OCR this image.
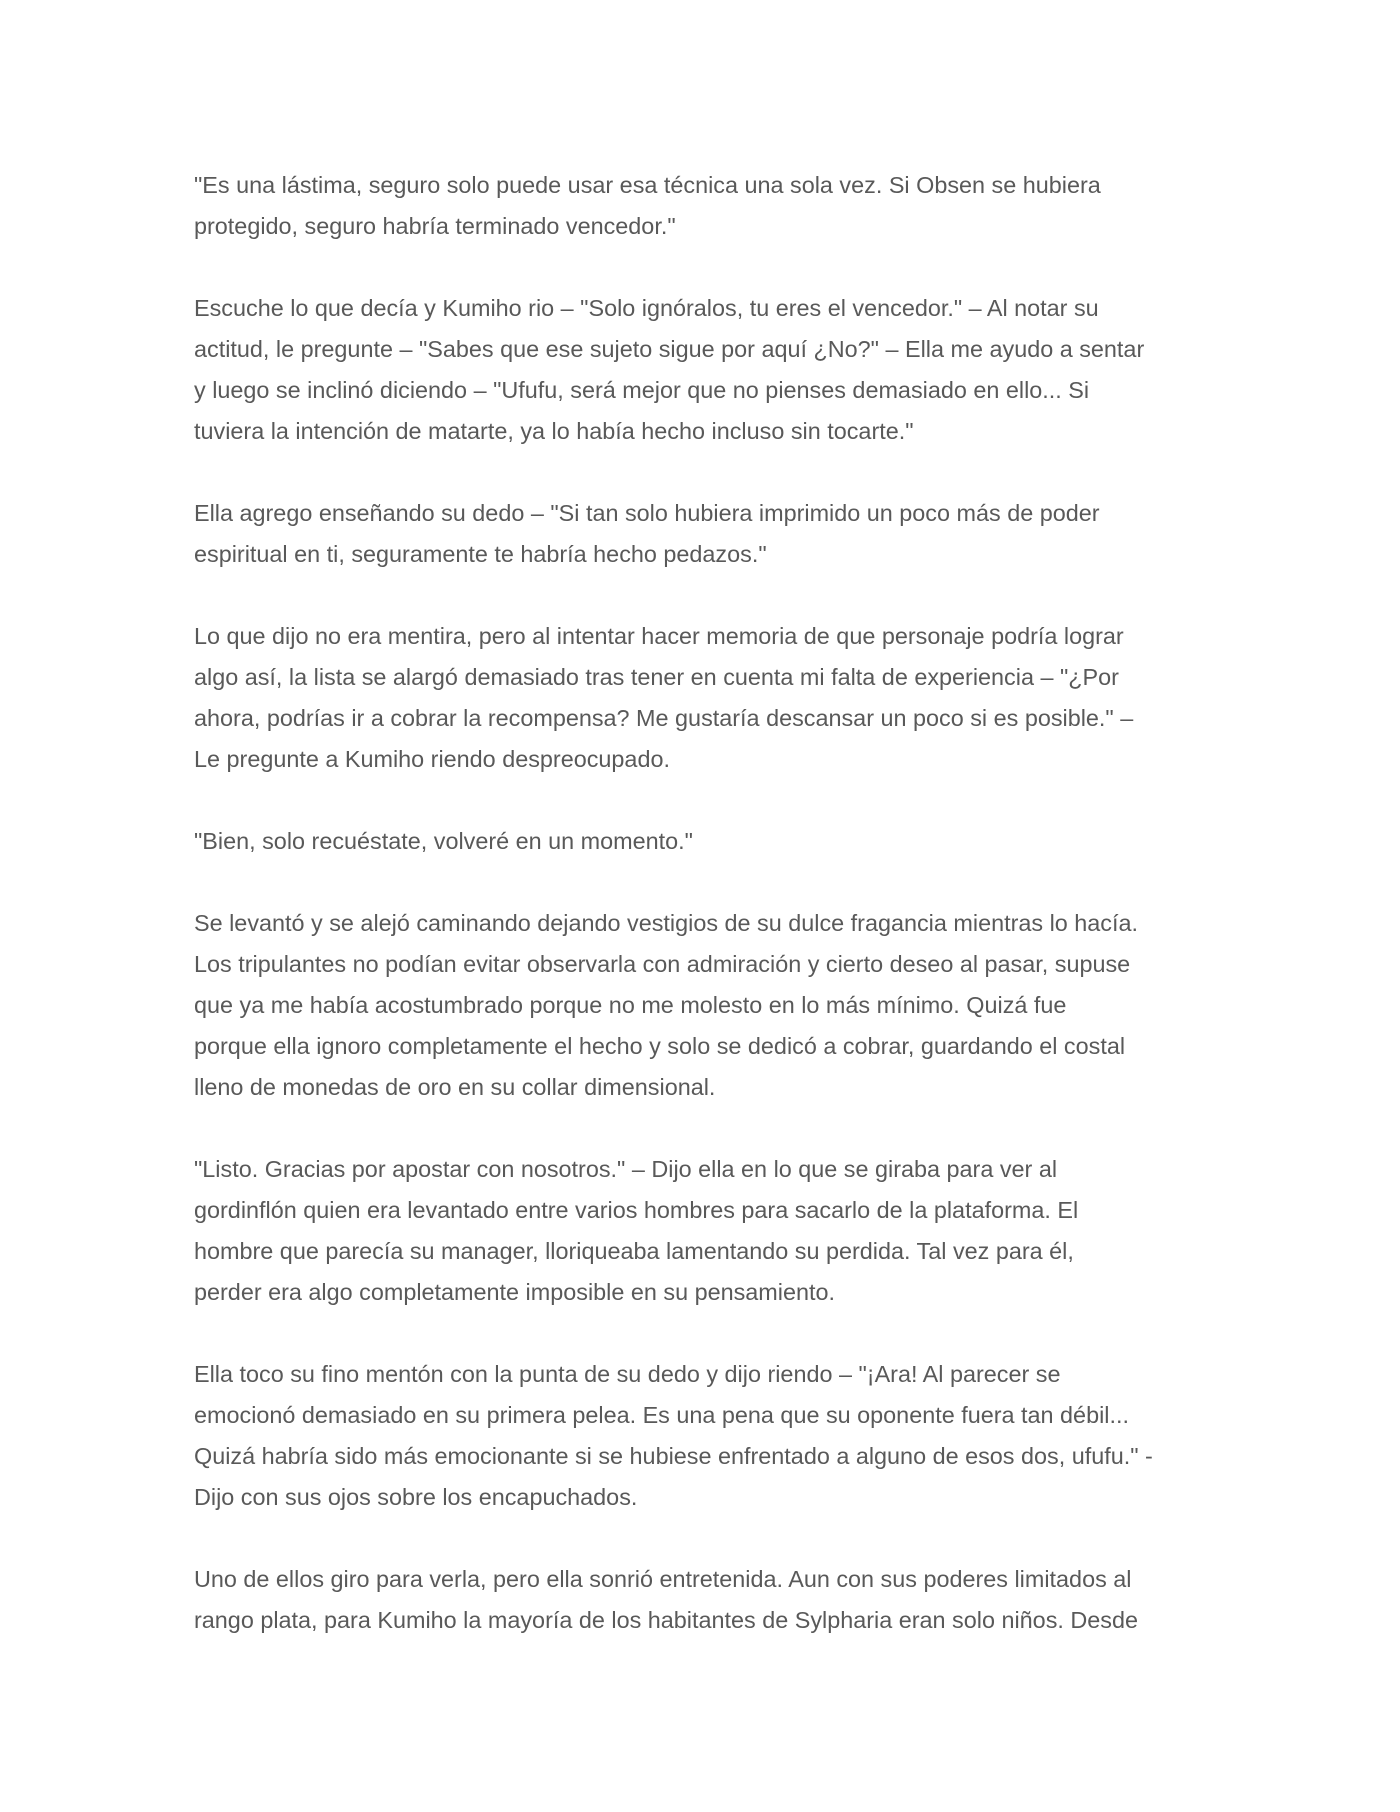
"Es una lástima, seguro solo puede usar esa técnica una sola vez. Si Obsen se hubiera
protegido, seguro habría terminado vencedor."

Escuche lo que decía y Kumiho rio – "Solo ignóralos, tu eres el vencedor." – Al notar su
actitud, le pregunte – "Sabes que ese sujeto sigue por aquí ¿No?" – Ella me ayudo a sentar
y luego se inclinó diciendo – "Ufufu, será mejor que no pienses demasiado en ello... Si
tuviera la intención de matarte, ya lo había hecho incluso sin tocarte."

Ella agrego enseñando su dedo – "Si tan solo hubiera imprimido un poco más de poder
espiritual en ti, seguramente te habría hecho pedazos."

Lo que dijo no era mentira, pero al intentar hacer memoria de que personaje podría lograr
algo así, la lista se alargó demasiado tras tener en cuenta mi falta de experiencia – "¿Por
ahora, podrías ir a cobrar la recompensa? Me gustaría descansar un poco si es posible." –
Le pregunte a Kumiho riendo despreocupado.

"Bien, solo recuéstate, volveré en un momento."

Se levantó y se alejó caminando dejando vestigios de su dulce fragancia mientras lo hacía.
Los tripulantes no podían evitar observarla con admiración y cierto deseo al pasar, supuse
que ya me había acostumbrado porque no me molesto en lo más mínimo. Quizá fue
porque ella ignoro completamente el hecho y solo se dedicó a cobrar, guardando el costal
lleno de monedas de oro en su collar dimensional.

"Listo. Gracias por apostar con nosotros." – Dijo ella en lo que se giraba para ver al
gordinflón quien era levantado entre varios hombres para sacarlo de la plataforma. El
hombre que parecía su manager, lloriqueaba lamentando su perdida. Tal vez para él,
perder era algo completamente imposible en su pensamiento.

Ella toco su fino mentón con la punta de su dedo y dijo riendo – "¡Ara! Al parecer se
emocionó demasiado en su primera pelea. Es una pena que su oponente fuera tan débil...
Quizá habría sido más emocionante si se hubiese enfrentado a alguno de esos dos, ufufu." -
Dijo con sus ojos sobre los encapuchados.

Uno de ellos giro para verla, pero ella sonrió entretenida. Aun con sus poderes limitados al
rango plata, para Kumiho la mayoría de los habitantes de Sylpharia eran solo niños. Desde
